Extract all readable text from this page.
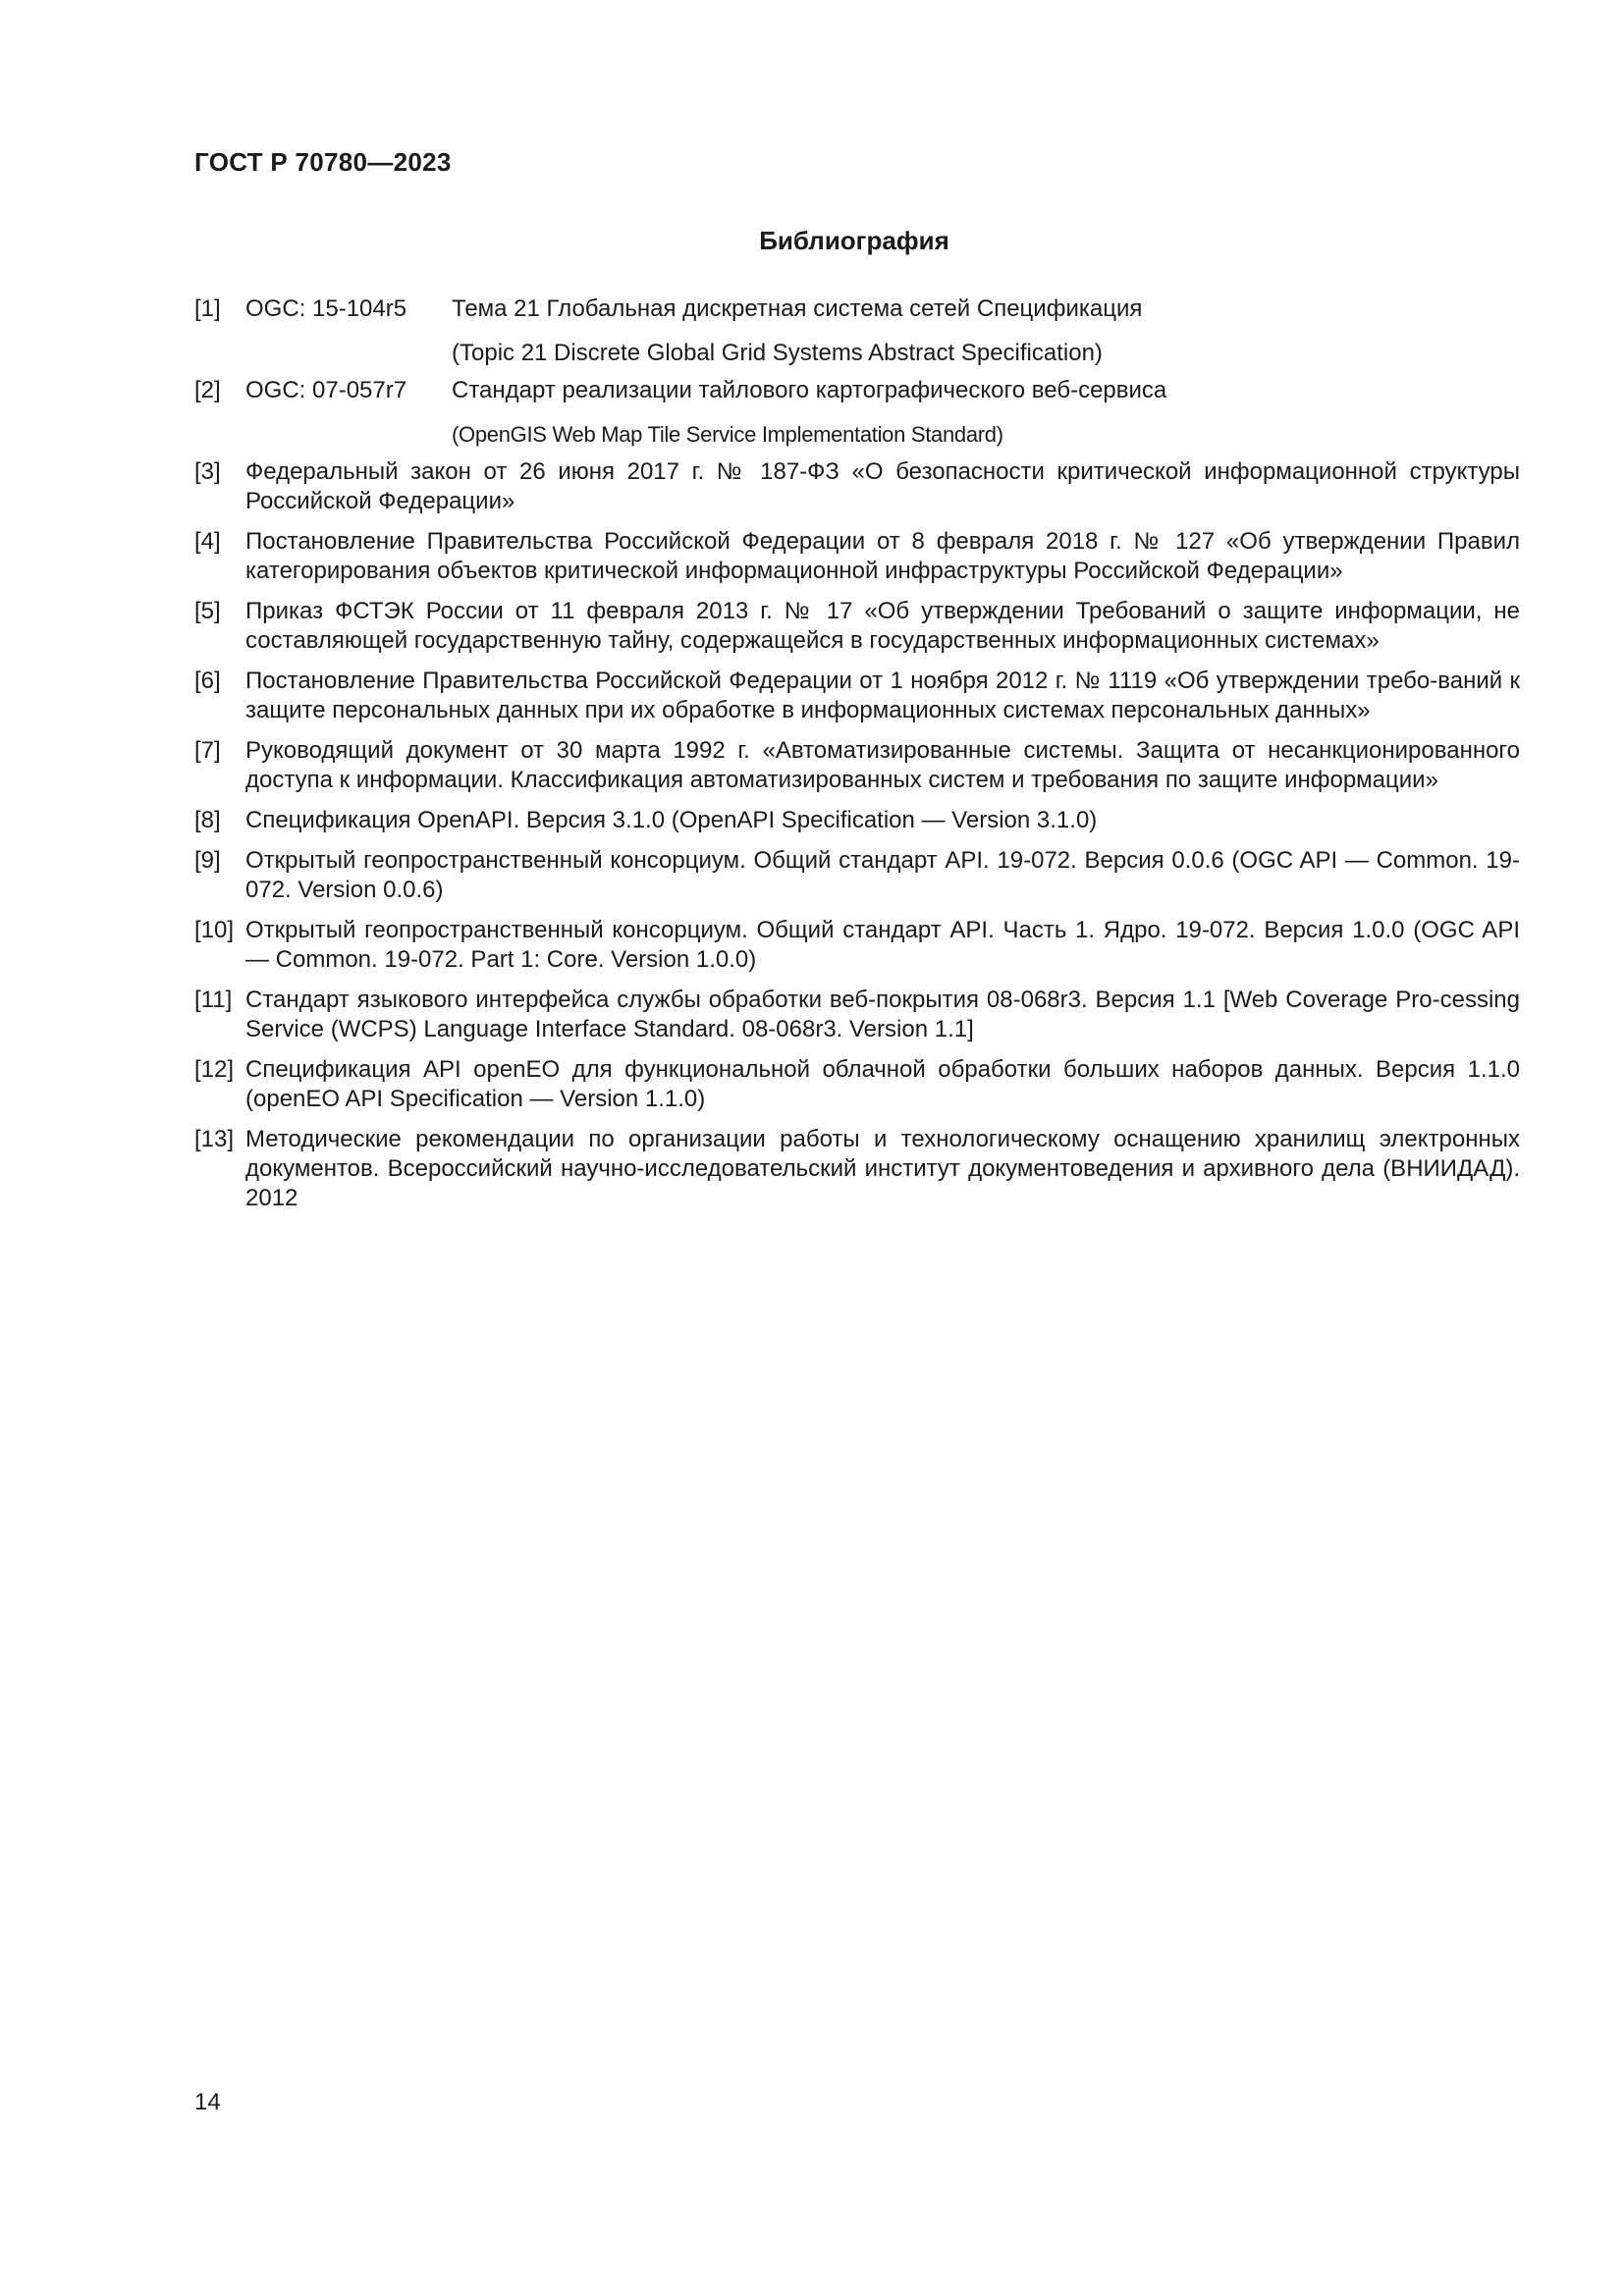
ГОСТ Р 70780—2023
Библиография
[1]	OGC: 15-104r5	Тема 21 Глобальная дискретная система сетей Спецификация
(Topic 21 Discrete Global Grid Systems Abstract Specification)
[2]	OGC: 07-057r7	Стандарт реализации тайлового картографического веб-сервиса
(OpenGIS Web Map Tile Service Implementation Standard)
[3]	Федеральный закон от 26 июня 2017 г. № 187-ФЗ «О безопасности критической информационной структуры Российской Федерации»
[4]	Постановление Правительства Российской Федерации от 8 февраля 2018 г. № 127 «Об утверждении Правил категорирования объектов критической информационной инфраструктуры Российской Федерации»
[5]	Приказ ФСТЭК России от 11 февраля 2013 г. № 17 «Об утверждении Требований о защите информации, не составляющей государственную тайну, содержащейся в государственных информационных системах»
[6]	Постановление Правительства Российской Федерации от 1 ноября 2012 г. № 1119 «Об утверждении требо-ваний к защите персональных данных при их обработке в информационных системах персональных данных»
[7]	Руководящий документ от 30 марта 1992 г. «Автоматизированные системы. Защита от несанкционированного доступа к информации. Классификация автоматизированных систем и требования по защите информации»
[8]	Спецификация OpenAPI. Версия 3.1.0 (OpenAPI Specification — Version 3.1.0)
[9]	Открытый геопространственный консорциум. Общий стандарт API. 19-072. Версия 0.0.6 (OGC API — Common. 19-072. Version 0.0.6)
[10] Открытый геопространственный консорциум. Общий стандарт API. Часть 1. Ядро. 19-072. Версия 1.0.0 (OGC API — Common. 19-072. Part 1: Core. Version 1.0.0)
[11] Стандарт языкового интерфейса службы обработки веб-покрытия 08-068r3. Версия 1.1 [Web Coverage Pro-cessing Service (WCPS) Language Interface Standard. 08-068r3. Version 1.1]
[12] Спецификация API openEO для функциональной облачной обработки больших наборов данных. Версия 1.1.0 (openEO API Specification — Version 1.1.0)
[13] Методические рекомендации по организации работы и технологическому оснащению хранилищ электронных документов. Всероссийский научно-исследовательский институт документоведения и архивного дела (ВНИИДАД). 2012
14
